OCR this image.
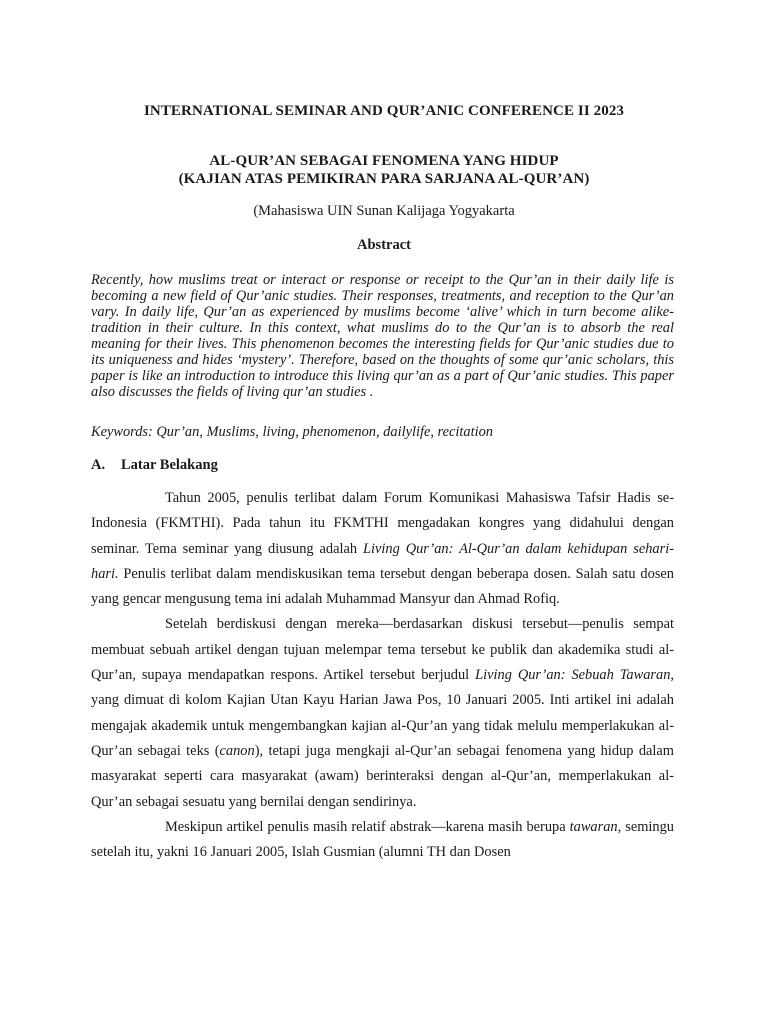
INTERNATIONAL SEMINAR AND QUR’ANIC CONFERENCE II 2023
AL-QUR’AN SEBAGAI FENOMENA YANG HIDUP
(KAJIAN ATAS PEMIKIRAN PARA SARJANA AL-QUR’AN)
(Mahasiswa UIN Sunan Kalijaga Yogyakarta
Abstract

Recently, how muslims treat or interact or response or receipt to the Qur’an in their daily life is becoming a new field of Qur’anic studies. Their responses, treatments, and reception to the Qur’an vary. In daily life, Qur’an as experienced by muslims become ‘alive’ which in turn become alike-tradition in their culture. In this context, what muslims do to the Qur’an is to absorb the real meaning for their lives. This phenomenon becomes the interesting fields for Qur’anic studies due to its uniqueness and hides ‘mystery’. Therefore, based on the thoughts of some qur’anic scholars, this paper is like an introduction to introduce this living qur’an as a part of Qur’anic studies. This paper also discusses the fields of living qur’an studies .

Keywords: Qur’an, Muslims, living, phenomenon, dailylife, recitation

A. Latar Belakang

Tahun 2005, penulis terlibat dalam Forum Komunikasi Mahasiswa Tafsir Hadis se-Indonesia (FKMTHI). Pada tahun itu FKMTHI mengadakan kongres yang didahului dengan seminar. Tema seminar yang diusung adalah Living Qur’an: Al-Qur’an dalam kehidupan sehari-hari. Penulis terlibat dalam mendiskusikan tema tersebut dengan beberapa dosen. Salah satu dosen yang gencar mengusung tema ini adalah Muhammad Mansyur dan Ahmad Rofiq.

Setelah berdiskusi dengan mereka—berdasarkan diskusi tersebut—penulis sempat membuat sebuah artikel dengan tujuan melempar tema tersebut ke publik dan akademika studi al-Qur’an, supaya mendapatkan respons. Artikel tersebut berjudul Living Qur’an: Sebuah Tawaran, yang dimuat di kolom Kajian Utan Kayu Harian Jawa Pos, 10 Januari 2005. Inti artikel ini adalah mengajak akademik untuk mengembangkan kajian al-Qur’an yang tidak melulu memperlakukan al-Qur’an sebagai teks (canon), tetapi juga mengkaji al-Qur’an sebagai fenomena yang hidup dalam masyarakat seperti cara masyarakat (awam) berinteraksi dengan al-Qur’an, memperlakukan al-Qur’an sebagai sesuatu yang bernilai dengan sendirinya.

Meskipun artikel penulis masih relatif abstrak—karena masih berupa tawaran, semingu setelah itu, yakni 16 Januari 2005, Islah Gusmian (alumni TH dan Dosen
